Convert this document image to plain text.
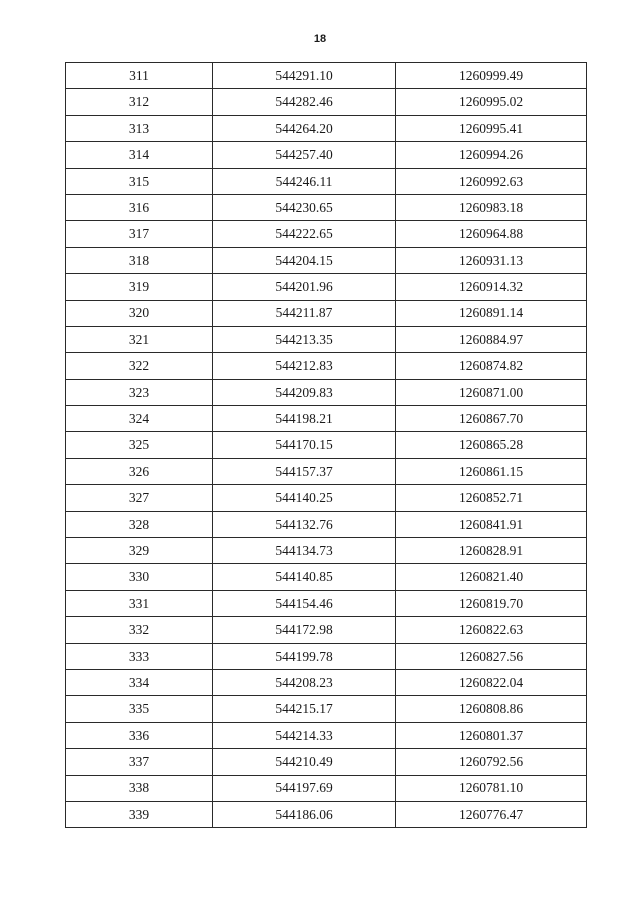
18
311	544291.10	1260999.49
312	544282.46	1260995.02
313	544264.20	1260995.41
314	544257.40	1260994.26
315	544246.11	1260992.63
316	544230.65	1260983.18
317	544222.65	1260964.88
318	544204.15	1260931.13
319	544201.96	1260914.32
320	544211.87	1260891.14
321	544213.35	1260884.97
322	544212.83	1260874.82
323	544209.83	1260871.00
324	544198.21	1260867.70
325	544170.15	1260865.28
326	544157.37	1260861.15
327	544140.25	1260852.71
328	544132.76	1260841.91
329	544134.73	1260828.91
330	544140.85	1260821.40
331	544154.46	1260819.70
332	544172.98	1260822.63
333	544199.78	1260827.56
334	544208.23	1260822.04
335	544215.17	1260808.86
336	544214.33	1260801.37
337	544210.49	1260792.56
338	544197.69	1260781.10
339	544186.06	1260776.47
